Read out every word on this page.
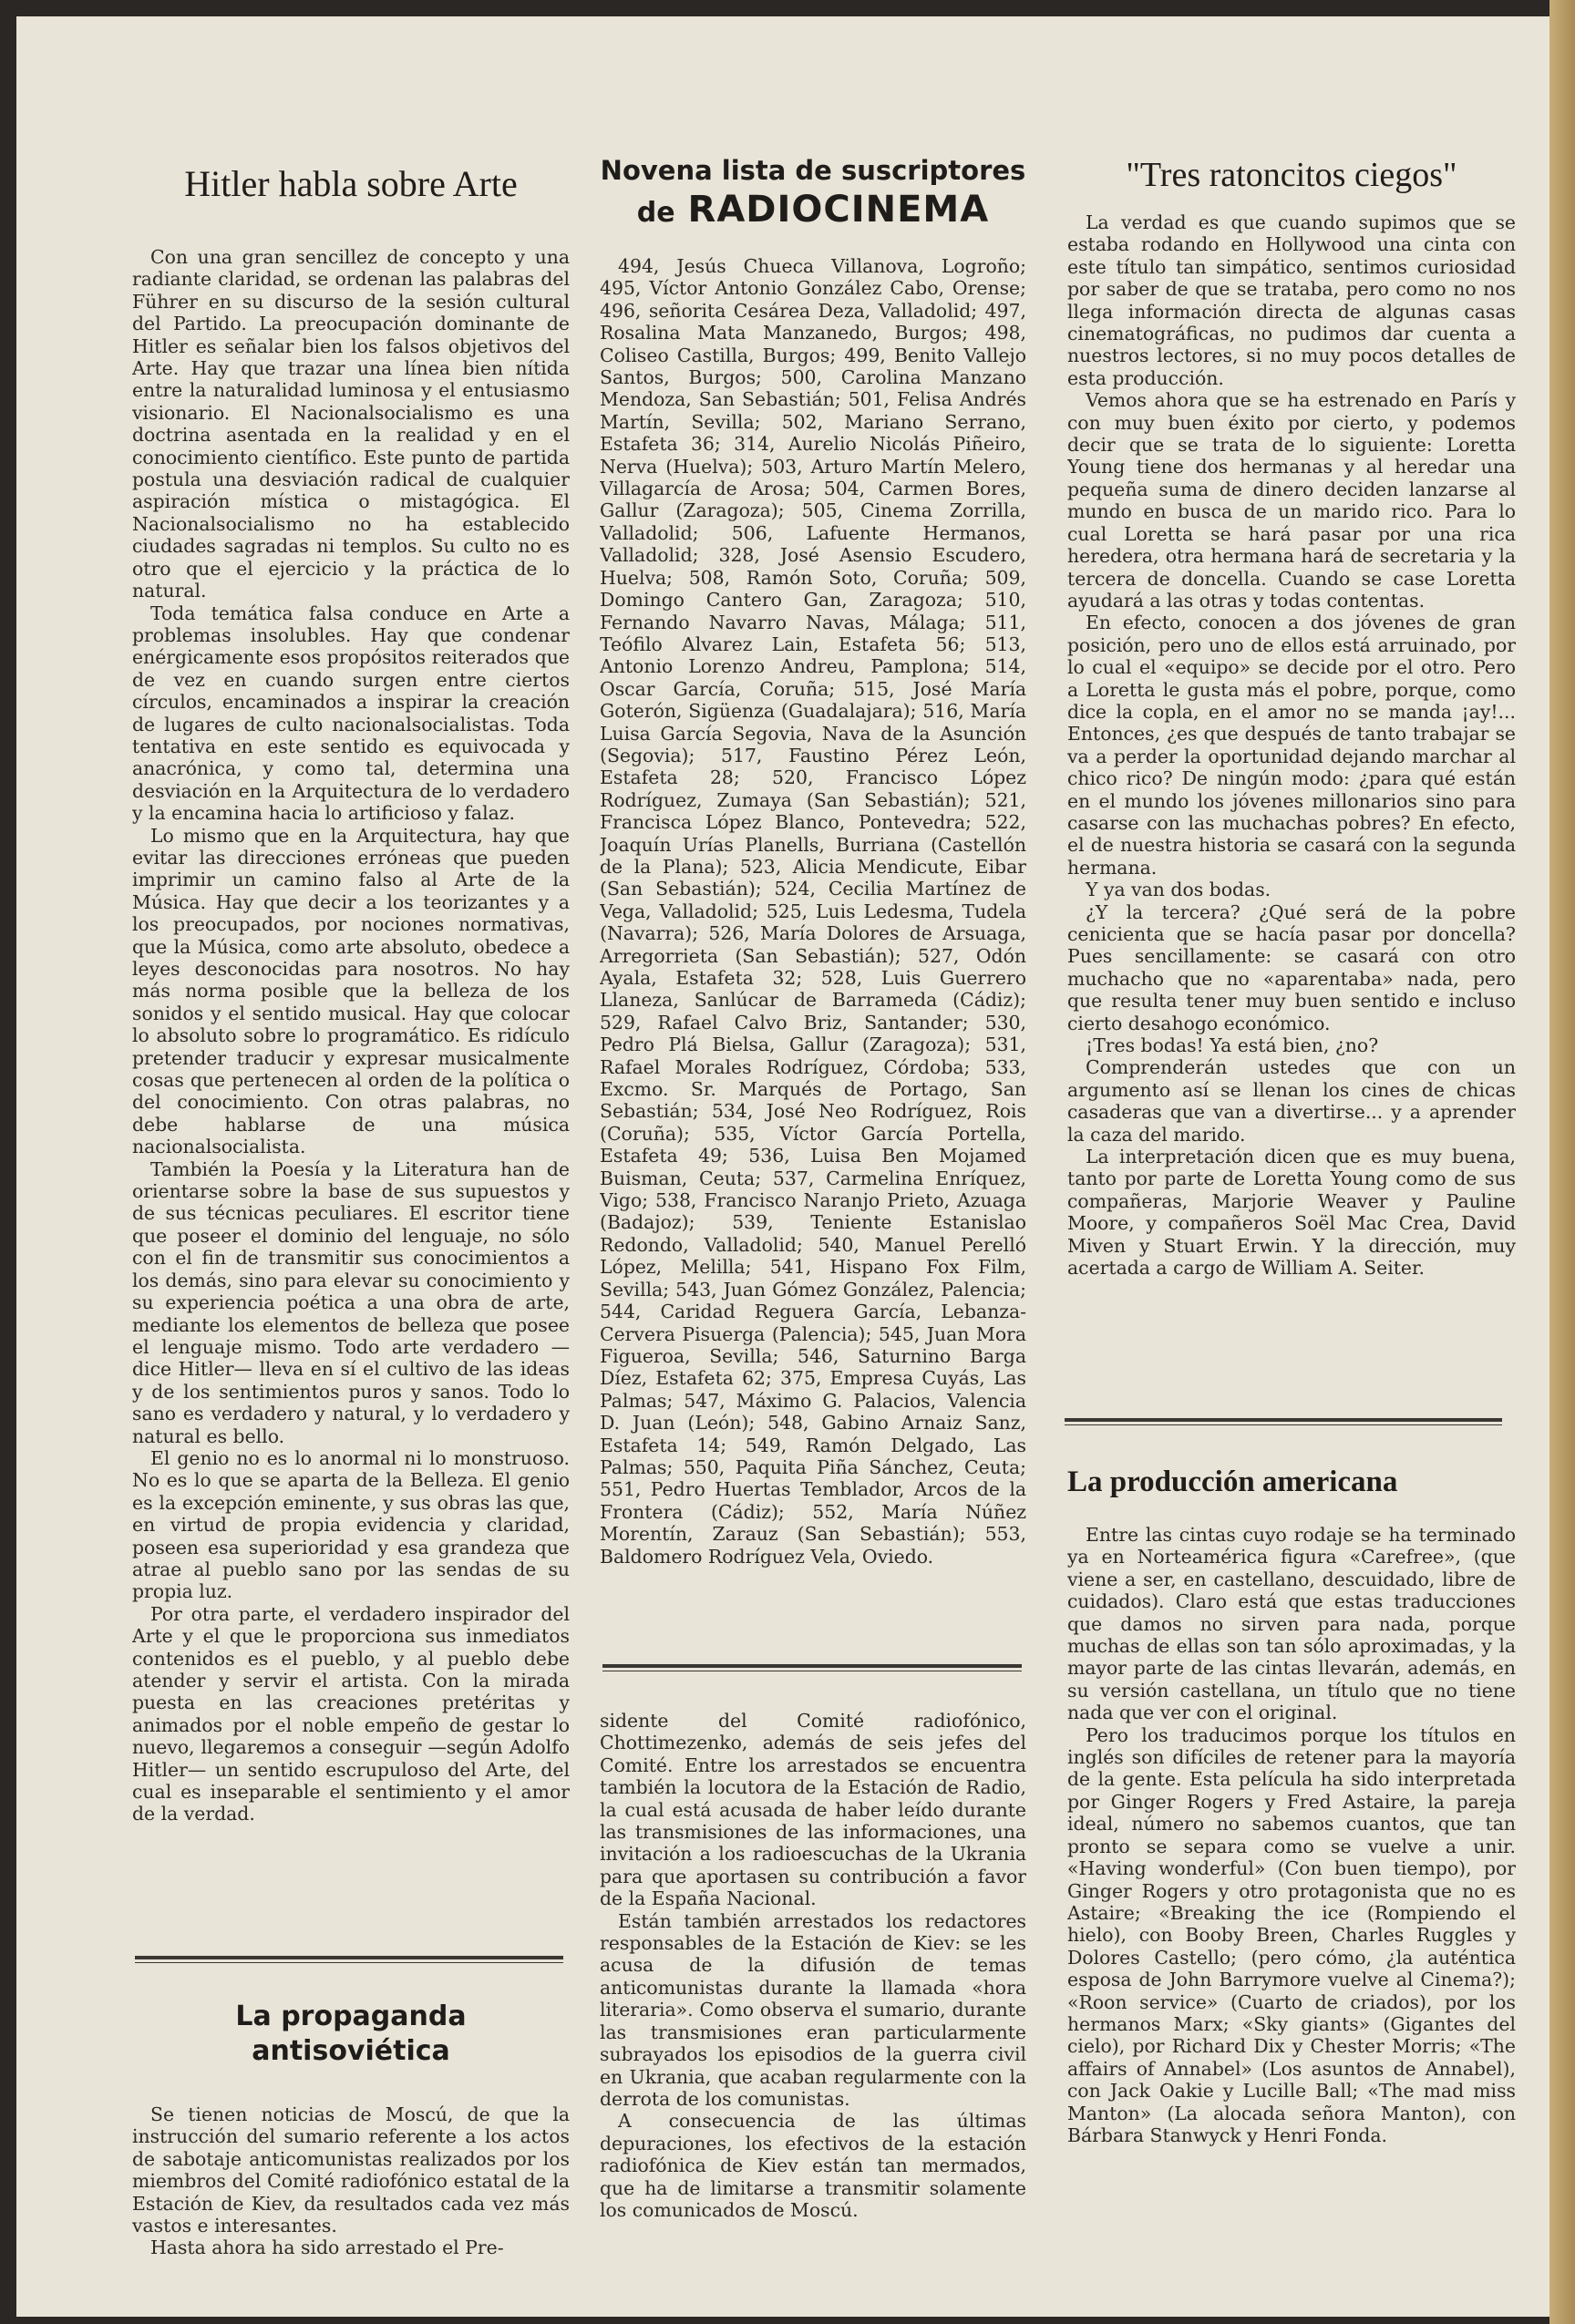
Hitler habla sobre Arte

Con una gran sencillez de concepto y una radiante claridad, se ordenan las palabras del Führer en su discurso de la sesión cultural del Partido. La preocupación dominante de Hitler es señalar bien los falsos objetivos del Arte. Hay que trazar una línea bien nítida entre la naturalidad luminosa y el entusiasmo visionario. El Nacionalsocialismo es una doctrina asentada en la realidad y en el conocimiento científico. Este punto de partida postula una desviación radical de cualquier aspiración mística o mistagógica. El Nacionalsocialismo no ha establecido ciudades sagradas ni templos. Su culto no es otro que el ejercicio y la práctica de lo natural.

Toda temática falsa conduce en Arte a problemas insolubles. Hay que condenar enérgicamente esos propósitos reiterados que de vez en cuando surgen entre ciertos círculos, encaminados a inspirar la creación de lugares de culto nacionalsocialistas. Toda tentativa en este sentido es equivocada y anacrónica, y como tal, determina una desviación en la Arquitectura de lo verdadero y la encamina hacia lo artificioso y falaz.

Lo mismo que en la Arquitectura, hay que evitar las direcciones erróneas que pueden imprimir un camino falso al Arte de la Música. Hay que decir a los teorizantes y a los preocupados, por nociones normativas, que la Música, como arte absoluto, obedece a leyes desconocidas para nosotros. No hay más norma posible que la belleza de los sonidos y el sentido musical. Hay que colocar lo absoluto sobre lo programático. Es ridículo pretender traducir y expresar musicalmente cosas que pertenecen al orden de la política o del conocimiento. Con otras palabras, no debe hablarse de una música nacionalsocialista.

También la Poesía y la Literatura han de orientarse sobre la base de sus supuestos y de sus técnicas peculiares. El escritor tiene que poseer el dominio del lenguaje, no sólo con el fin de transmitir sus conocimientos a los demás, sino para elevar su conocimiento y su experiencia poética a una obra de arte, mediante los elementos de belleza que posee el lenguaje mismo. Todo arte verdadero —dice Hitler— lleva en sí el cultivo de las ideas y de los sentimientos puros y sanos. Todo lo sano es verdadero y natural, y lo verdadero y natural es bello.

El genio no es lo anormal ni lo monstruoso. No es lo que se aparta de la Belleza. El genio es la excepción eminente, y sus obras las que, en virtud de propia evidencia y claridad, poseen esa superioridad y esa grandeza que atrae al pueblo sano por las sendas de su propia luz.

Por otra parte, el verdadero inspirador del Arte y el que le proporciona sus inmediatos contenidos es el pueblo, y al pueblo debe atender y servir el artista. Con la mirada puesta en las creaciones pretéritas y animados por el noble empeño de gestar lo nuevo, llegaremos a conseguir —según Adolfo Hitler— un sentido escrupuloso del Arte, del cual es inseparable el sentimiento y el amor de la verdad.

La propaganda antisoviética

Se tienen noticias de Moscú, de que la instrucción del sumario referente a los actos de sabotaje anticomunistas realizados por los miembros del Comité radiofónico estatal de la Estación de Kiev, da resultados cada vez más vastos e interesantes.

Hasta ahora ha sido arrestado el Pre-

Novena lista de suscriptores
de RADIOCINEMA

494, Jesús Chueca Villanova, Logroño; 495, Víctor Antonio González Cabo, Orense; 496, señorita Cesárea Deza, Valladolid; 497, Rosalina Mata Manzanedo, Burgos; 498, Coliseo Castilla, Burgos; 499, Benito Vallejo Santos, Burgos; 500, Carolina Manzano Mendoza, San Sebastián; 501, Felisa Andrés Martín, Sevilla; 502, Mariano Serrano, Estafeta 36; 314, Aurelio Nicolás Piñeiro, Nerva (Huelva); 503, Arturo Martín Melero, Villagarcía de Arosa; 504, Carmen Bores, Gallur (Zaragoza); 505, Cinema Zorrilla, Valladolid; 506, Lafuente Hermanos, Valladolid; 328, José Asensio Escudero, Huelva; 508, Ramón Soto, Coruña; 509, Domingo Cantero Gan, Zaragoza; 510, Fernando Navarro Navas, Málaga; 511, Teófilo Alvarez Lain, Estafeta 56; 513, Antonio Lorenzo Andreu, Pamplona; 514, Oscar García, Coruña; 515, José María Goterón, Sigüenza (Guadalajara); 516, María Luisa García Segovia, Nava de la Asunción (Segovia); 517, Faustino Pérez León, Estafeta 28; 520, Francisco López Rodríguez, Zumaya (San Sebastián); 521, Francisca López Blanco, Pontevedra; 522, Joaquín Urías Planells, Burriana (Castellón de la Plana); 523, Alicia Mendicute, Eibar (San Sebastián); 524, Cecilia Martínez de Vega, Valladolid; 525, Luis Ledesma, Tudela (Navarra); 526, María Dolores de Arsuaga, Arregorrieta (San Sebastián); 527, Odón Ayala, Estafeta 32; 528, Luis Guerrero Llaneza, Sanlúcar de Barrameda (Cádiz); 529, Rafael Calvo Briz, Santander; 530, Pedro Plá Bielsa, Gallur (Zaragoza); 531, Rafael Morales Rodríguez, Córdoba; 533, Excmo. Sr. Marqués de Portago, San Sebastián; 534, José Neo Rodríguez, Rois (Coruña); 535, Víctor García Portella, Estafeta 49; 536, Luisa Ben Mojamed Buisman, Ceuta; 537, Carmelina Enríquez, Vigo; 538, Francisco Naranjo Prieto, Azuaga (Badajoz); 539, Teniente Estanislao Redondo, Valladolid; 540, Manuel Perelló López, Melilla; 541, Hispano Fox Film, Sevilla; 543, Juan Gómez González, Palencia; 544, Caridad Reguera García, Lebanza-Cervera Pisuerga (Palencia); 545, Juan Mora Figueroa, Sevilla; 546, Saturnino Barga Díez, Estafeta 62; 375, Empresa Cuyás, Las Palmas; 547, Máximo G. Palacios, Valencia D. Juan (León); 548, Gabino Arnaiz Sanz, Estafeta 14; 549, Ramón Delgado, Las Palmas; 550, Paquita Piña Sánchez, Ceuta; 551, Pedro Huertas Temblador, Arcos de la Frontera (Cádiz); 552, María Núñez Morentín, Zarauz (San Sebastián); 553, Baldomero Rodríguez Vela, Oviedo.

sidente del Comité radiofónico, Chottimezenko, además de seis jefes del Comité. Entre los arrestados se encuentra también la locutora de la Estación de Radio, la cual está acusada de haber leído durante las transmisiones de las informaciones, una invitación a los radioescuchas de la Ukrania para que aportasen su contribución a favor de la España Nacional.

Están también arrestados los redactores responsables de la Estación de Kiev: se les acusa de la difusión de temas anticomunistas durante la llamada «hora literaria». Como observa el sumario, durante las transmisiones eran particularmente subrayados los episodios de la guerra civil en Ukrania, que acaban regularmente con la derrota de los comunistas.

A consecuencia de las últimas depuraciones, los efectivos de la estación radiofónica de Kiev están tan mermados, que ha de limitarse a transmitir solamente los comunicados de Moscú.

"Tres ratoncitos ciegos"

La verdad es que cuando supimos que se estaba rodando en Hollywood una cinta con este título tan simpático, sentimos curiosidad por saber de que se trataba, pero como no nos llega información directa de algunas casas cinematográficas, no pudimos dar cuenta a nuestros lectores, si no muy pocos detalles de esta producción.

Vemos ahora que se ha estrenado en París y con muy buen éxito por cierto, y podemos decir que se trata de lo siguiente: Loretta Young tiene dos hermanas y al heredar una pequeña suma de dinero deciden lanzarse al mundo en busca de un marido rico. Para lo cual Loretta se hará pasar por una rica heredera, otra hermana hará de secretaria y la tercera de doncella. Cuando se case Loretta ayudará a las otras y todas contentas.

En efecto, conocen a dos jóvenes de gran posición, pero uno de ellos está arruinado, por lo cual el «equipo» se decide por el otro. Pero a Loretta le gusta más el pobre, porque, como dice la copla, en el amor no se manda ¡ay!... Entonces, ¿es que después de tanto trabajar se va a perder la oportunidad dejando marchar al chico rico? De ningún modo: ¿para qué están en el mundo los jóvenes millonarios sino para casarse con las muchachas pobres? En efecto, el de nuestra historia se casará con la segunda hermana.

Y ya van dos bodas.

¿Y la tercera? ¿Qué será de la pobre cenicienta que se hacía pasar por doncella? Pues sencillamente: se casará con otro muchacho que no «aparentaba» nada, pero que resulta tener muy buen sentido e incluso cierto desahogo económico.

¡Tres bodas! Ya está bien, ¿no?

Comprenderán ustedes que con un argumento así se llenan los cines de chicas casaderas que van a divertirse... y a aprender la caza del marido.

La interpretación dicen que es muy buena, tanto por parte de Loretta Young como de sus compañeras, Marjorie Weaver y Pauline Moore, y compañeros Soël Mac Crea, David Miven y Stuart Erwin. Y la dirección, muy acertada a cargo de William A. Seiter.

La producción americana

Entre las cintas cuyo rodaje se ha terminado ya en Norteamérica figura «Carefree», (que viene a ser, en castellano, descuidado, libre de cuidados). Claro está que estas traducciones que damos no sirven para nada, porque muchas de ellas son tan sólo aproximadas, y la mayor parte de las cintas llevarán, además, en su versión castellana, un título que no tiene nada que ver con el original.

Pero los traducimos porque los títulos en inglés son difíciles de retener para la mayoría de la gente. Esta película ha sido interpretada por Ginger Rogers y Fred Astaire, la pareja ideal, número no sabemos cuantos, que tan pronto se separa como se vuelve a unir. «Having wonderful» (Con buen tiempo), por Ginger Rogers y otro protagonista que no es Astaire; «Breaking the ice (Rompiendo el hielo), con Booby Breen, Charles Ruggles y Dolores Castello; (pero cómo, ¿la auténtica esposa de John Barrymore vuelve al Cinema?); «Roon service» (Cuarto de criados), por los hermanos Marx; «Sky giants» (Gigantes del cielo), por Richard Dix y Chester Morris; «The affairs of Annabel» (Los asuntos de Annabel), con Jack Oakie y Lucille Ball; «The mad miss Manton» (La alocada señora Manton), con Bárbara Stanwyck y Henri Fonda.
